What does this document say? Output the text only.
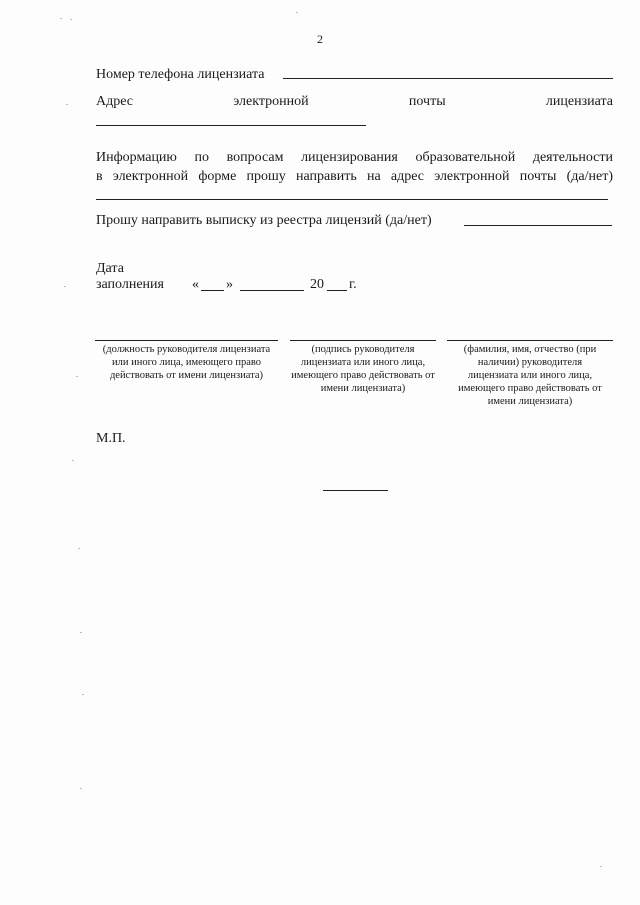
2
Номер телефона лицензиата
Адрес	электронной	почты	лицензиата
Информацию по вопросам лицензирования образовательной деятельности
в электронной форме прошу направить на адрес электронной почты (да/нет)
Прошу направить выписку из реестра лицензий (да/нет)
Дата
заполнения « »	20 г.
(должность руководителя лицензиата или иного лица, имеющего право действовать от имени лицензиата)
(подпись руководителя лицензиата или иного лица, имеющего право действовать от имени лицензиата)
(фамилия, имя, отчество (при наличии) руководителя лицензиата или иного лица, имеющего право действовать от имени лицензиата)
М.П.
